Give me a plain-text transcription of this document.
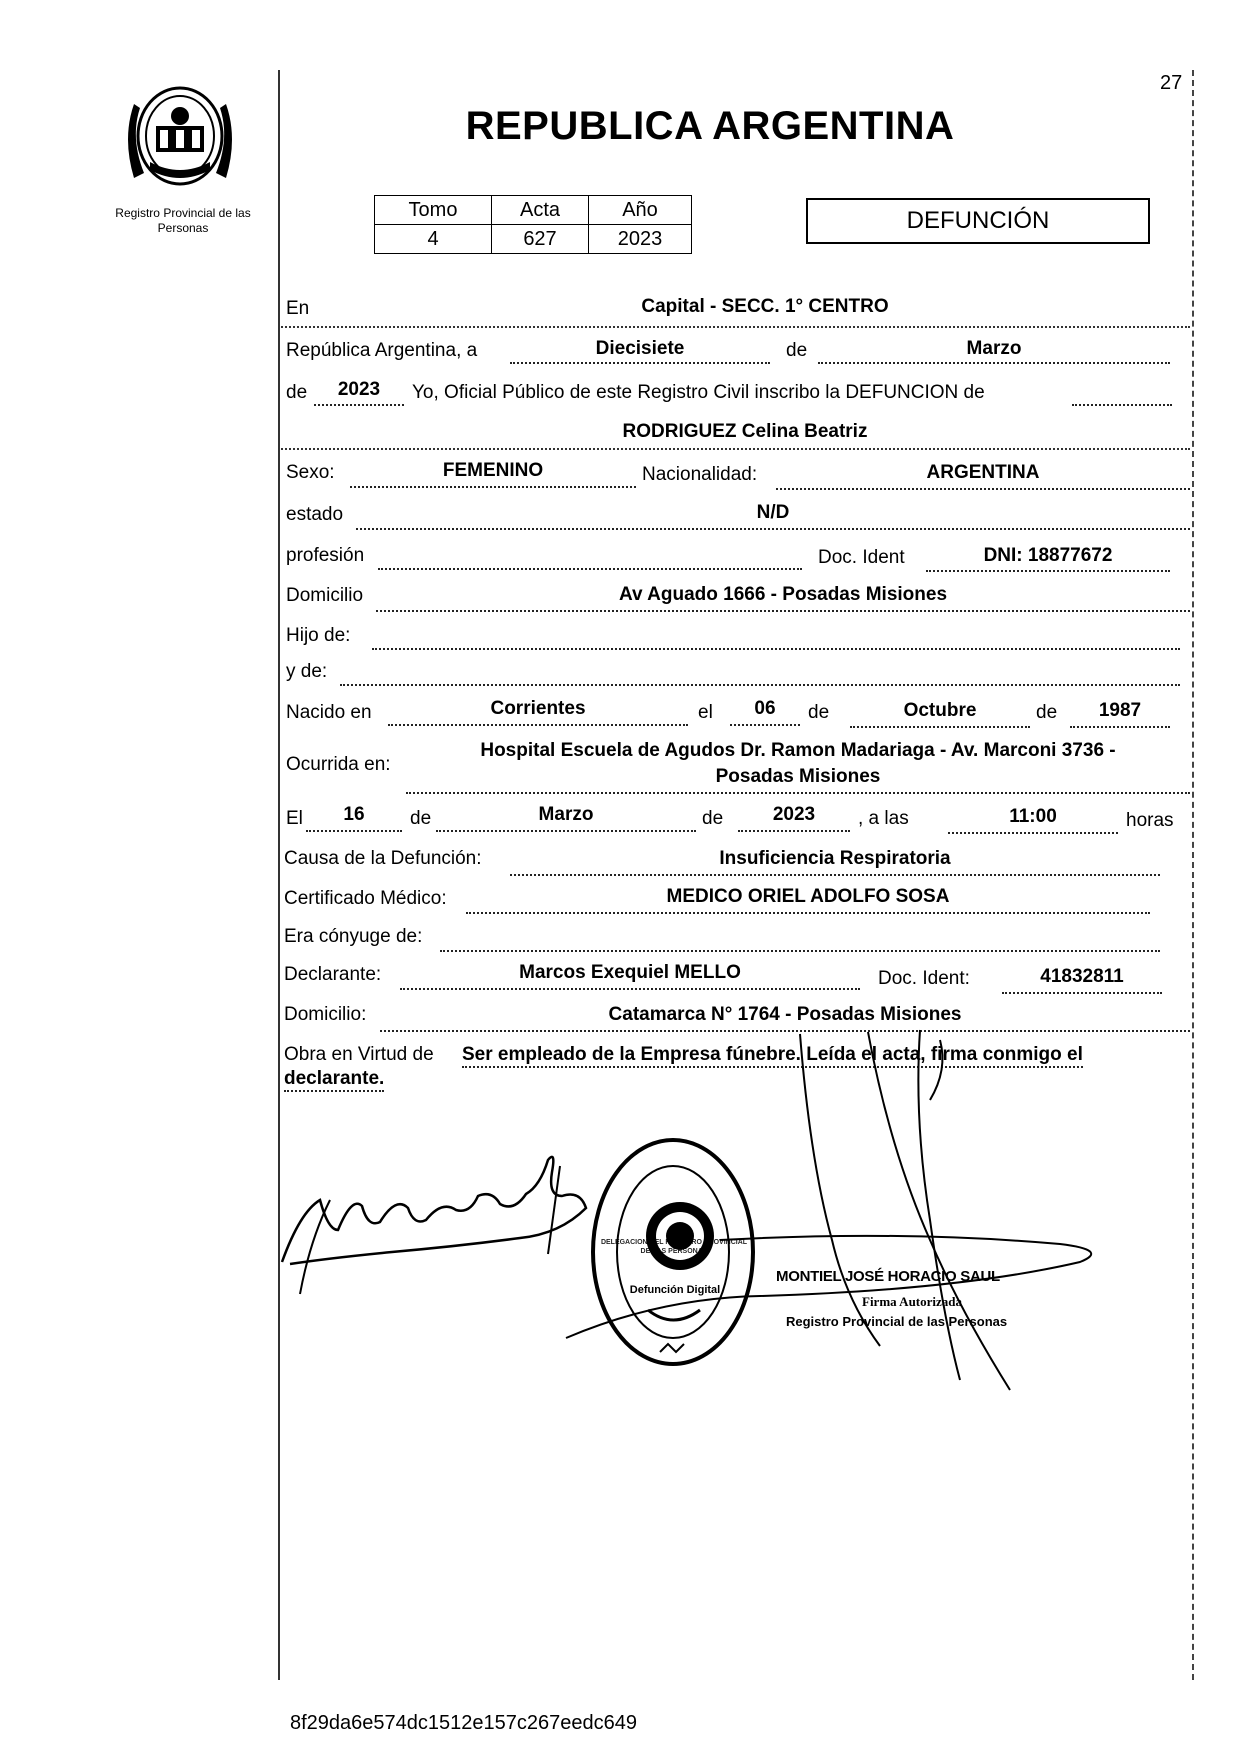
27
Registro Provincial de las Personas
REPUBLICA ARGENTINA
Tomo	Acta	Año
4	627	2023
DEFUNCIÓN
En	Capital - SECC. 1° CENTRO
República Argentina, a	Diecisiete	de	Marzo
de	2023	Yo, Oficial Público de este Registro Civil inscribo la DEFUNCION de
RODRIGUEZ Celina Beatriz
Sexo:	FEMENINO	Nacionalidad:	ARGENTINA
estado	N/D
profesión	Doc. Ident	DNI: 18877672
Domicilio	Av Aguado 1666 - Posadas Misiones
Hijo de:
y de:
Nacido en	Corrientes	el	06	de	Octubre	de	1987
Ocurrida en:
Hospital Escuela de Agudos Dr. Ramon Madariaga - Av. Marconi 3736 -
Posadas Misiones
El	16	de	Marzo	de	2023	, a las	11:00	horas
Causa de la Defunción:	Insuficiencia Respiratoria
Certificado Médico:	MEDICO ORIEL ADOLFO SOSA
Era cónyuge de:
Declarante:	Marcos Exequiel MELLO	Doc. Ident:	41832811
Domicilio:	Catamarca N° 1764 - Posadas Misiones
Obra en Virtud de Ser empleado de la Empresa fúnebre. Leída el acta, firma conmigo el
declarante.
DELEGACION DEL REGISTRO PROVINCIAL DE LAS PERSONAS
Defunción Digital
MONTIEL JOSÉ HORACIO SAUL
Firma Autorizada
Registro Provincial de las Personas
8f29da6e574dc1512e157c267eedc649
